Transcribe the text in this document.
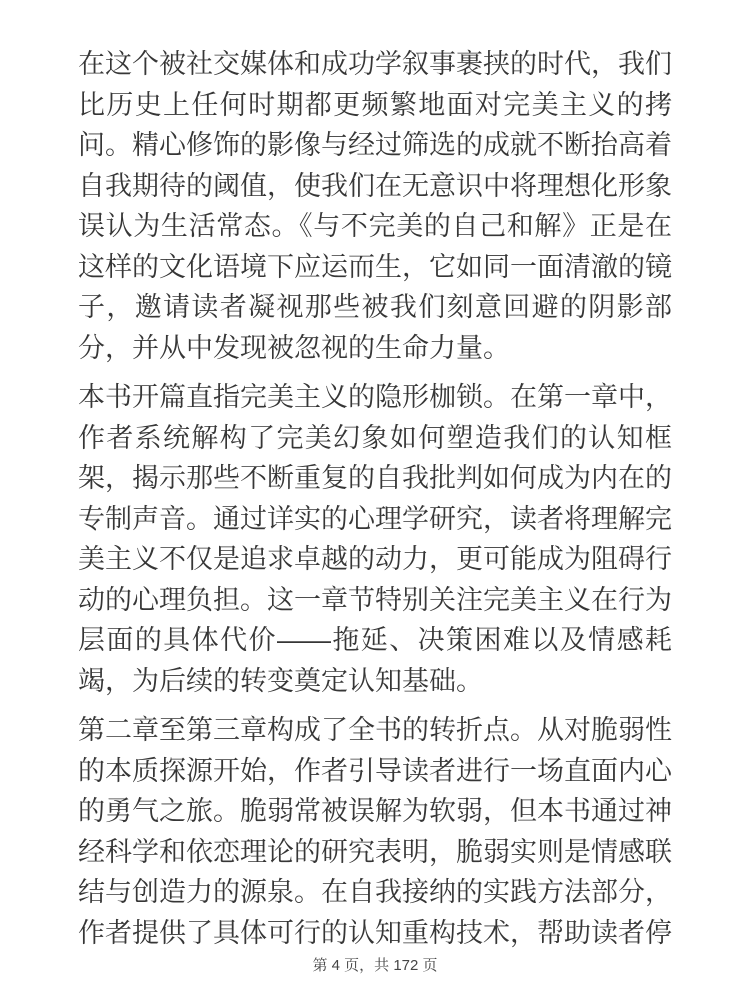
在这个被社交媒体和成功学叙事裹挟的时代，我们比历史上任何时期都更频繁地面对完美主义的拷问。精心修饰的影像与经过筛选的成就不断抬高着自我期待的阈值，使我们在无意识中将理想化形象误认为生活常态。《与不完美的自己和解》正是在这样的文化语境下应运而生，它如同一面清澈的镜子，邀请读者凝视那些被我们刻意回避的阴影部分，并从中发现被忽视的生命力量。

本书开篇直指完美主义的隐形枷锁。在第一章中，作者系统解构了完美幻象如何塑造我们的认知框架，揭示那些不断重复的自我批判如何成为内在的专制声音。通过详实的心理学研究，读者将理解完美主义不仅是追求卓越的动力，更可能成为阻碍行动的心理负担。这一章节特别关注完美主义在行为层面的具体代价——拖延、决策困难以及情感耗竭，为后续的转变奠定认知基础。

第二章至第三章构成了全书的转折点。从对脆弱性的本质探源开始，作者引导读者进行一场直面内心的勇气之旅。脆弱常被误解为软弱，但本书通过神经科学和依恋理论的研究表明，脆弱实则是情感联结与创造力的源泉。在自我接纳的实践方法部分，作者提供了具体可行的认知重构技术，帮助读者停

第 4 页，共 172 页
